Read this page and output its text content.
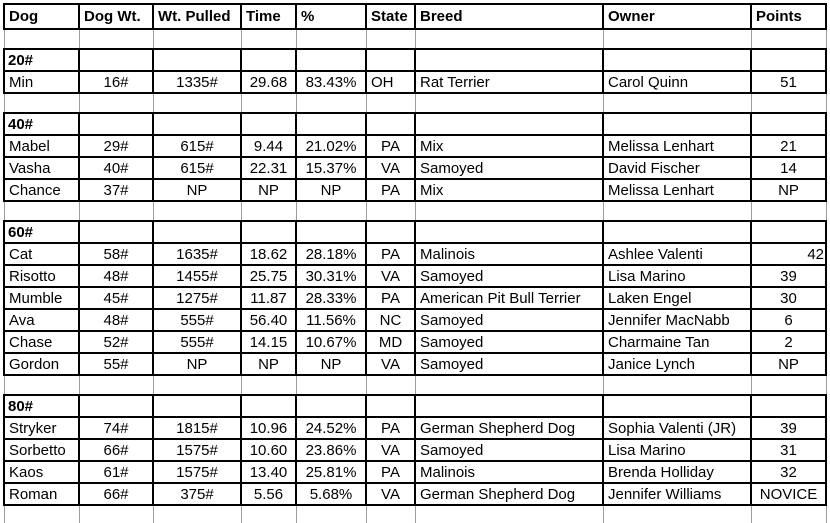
Dog	Dog Wt.	Wt. Pulled	Time	%	State	Breed	Owner	Points

20#								
Min	16#	1335#	29.68	83.43%	OH	Rat Terrier	Carol Quinn	51

40#								
Mabel	29#	615#	9.44	21.02%	PA	Mix	Melissa Lenhart	21
Vasha	40#	615#	22.31	15.37%	VA	Samoyed	David Fischer	14
Chance	37#	NP	NP	NP	PA	Mix	Melissa Lenhart	NP

60#								
Cat	58#	1635#	18.62	28.18%	PA	Malinois	Ashlee Valenti	42
Risotto	48#	1455#	25.75	30.31%	VA	Samoyed	Lisa Marino	39
Mumble	45#	1275#	11.87	28.33%	PA	American Pit Bull Terrier	Laken Engel	30
Ava	48#	555#	56.40	11.56%	NC	Samoyed	Jennifer MacNabb	6
Chase	52#	555#	14.15	10.67%	MD	Samoyed	Charmaine Tan	2
Gordon	55#	NP	NP	NP	VA	Samoyed	Janice Lynch	NP

80#								
Stryker	74#	1815#	10.96	24.52%	PA	German Shepherd Dog	Sophia Valenti (JR)	39
Sorbetto	66#	1575#	10.60	23.86%	VA	Samoyed	Lisa Marino	31
Kaos	61#	1575#	13.40	25.81%	PA	Malinois	Brenda Holliday	32
Roman	66#	375#	5.56	5.68%	VA	German Shepherd Dog	Jennifer Williams	NOVICE
